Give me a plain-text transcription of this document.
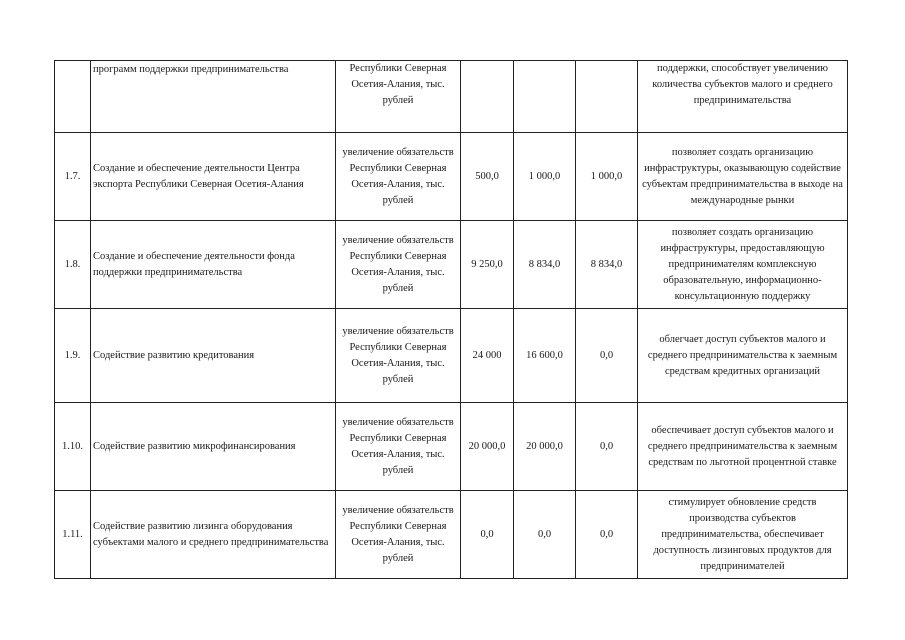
	программ поддержки предпринимательства	Республики Северная Осетия-Алания, тыс. рублей				поддержки, способствует увеличению количества субъектов малого и среднего предпринимательства
1.7.	Создание и обеспечение деятельности Центра экспорта Республики Северная Осетия-Алания	увеличение обязательств Республики Северная Осетия-Алания, тыс. рублей	500,0	1 000,0	1 000,0	позволяет создать организацию инфраструктуры, оказывающую содействие субъектам предпринимательства в выходе на международные рынки
1.8.	Создание и обеспечение деятельности фонда поддержки предпринимательства	увеличение обязательств Республики Северная Осетия-Алания, тыс. рублей	9 250,0	8 834,0	8 834,0	позволяет создать организацию инфраструктуры, предоставляющую предпринимателям комплексную образовательную, информационно-консультационную поддержку
1.9.	Содействие развитию кредитования	увеличение обязательств Республики Северная Осетия-Алания, тыс. рублей	24 000	16 600,0	0,0	облегчает доступ субъектов малого и среднего предпринимательства к заемным средствам кредитных организаций
1.10.	Содействие развитию микрофинансирования	увеличение обязательств Республики Северная Осетия-Алания, тыс. рублей	20 000,0	20 000,0	0,0	обеспечивает доступ субъектов малого и среднего предпринимательства к заемным средствам по льготной процентной ставке
1.11.	Содействие развитию лизинга оборудования субъектами малого и среднего предпринимательства	увеличение обязательств Республики Северная Осетия-Алания, тыс. рублей	0,0	0,0	0,0	стимулирует обновление средств производства субъектов предпринимательства, обеспечивает доступность лизинговых продуктов для предпринимателей
